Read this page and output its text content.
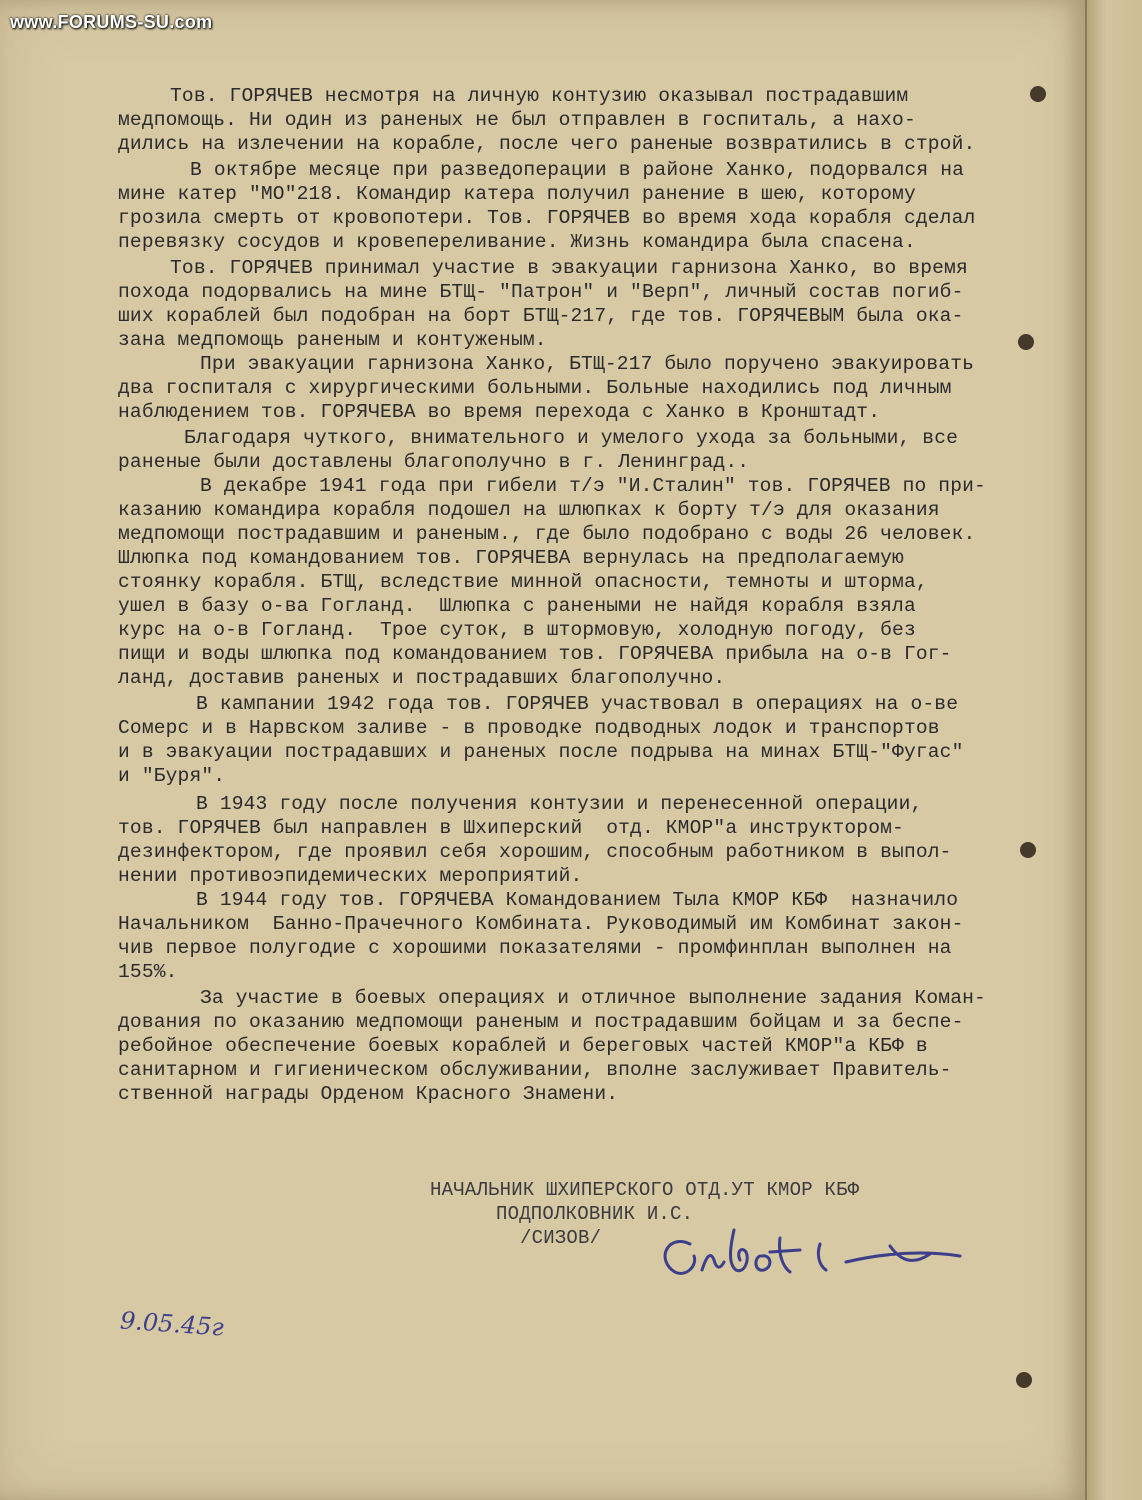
www.FORUMS-SU.com

Тов. ГОРЯЧЕВ несмотря на личную контузию оказывал пострадавшим

медпомощь. Ни один из раненых не был отправлен в госпиталь, а нахо-

дились на излечении на корабле, после чего раненые возвратились в строй.

В октябре месяце при разведоперации в районе Ханко, подорвался на

мине катер "МО"218. Командир катера получил ранение в шею, которому

грозила смерть от кровопотери. Тов. ГОРЯЧЕВ во время хода корабля сделал

перевязку сосудов и кровепереливание. Жизнь командира была спасена.

Тов. ГОРЯЧЕВ принимал участие в эвакуации гарнизона Ханко, во время

похода подорвались на мине БТЩ- "Патрон" и "Верп", личный состав погиб-

ших кораблей был подобран на борт БТЩ-217, где тов. ГОРЯЧЕВЫМ была ока-

зана медпомощь раненым и контуженым.

При эвакуации гарнизона Ханко, БТЩ-217 было поручено эвакуировать

два госпиталя с хирургическими больными. Больные находились под личным

наблюдением тов. ГОРЯЧЕВА во время перехода с Ханко в Кронштадт.

Благодаря чуткого, внимательного и умелого ухода за больными, все

раненые были доставлены благополучно в г. Ленинград..

В декабре 1941 года при гибели т/э "И.Сталин" тов. ГОРЯЧЕВ по при-

казанию командира корабля подошел на шлюпках к борту т/э для оказания

медпомощи пострадавшим и раненым., где было подобрано с воды 26 человек.

Шлюпка под командованием тов. ГОРЯЧЕВА вернулась на предполагаемую

стоянку корабля. БТЩ, вследствие минной опасности, темноты и шторма,

ушел в базу о-ва Гогланд.  Шлюпка с ранеными не найдя корабля взяла

курс на о-в Гогланд.  Трое суток, в штормовую, холодную погоду, без

пищи и воды шлюпка под командованием тов. ГОРЯЧЕВА прибыла на о-в Гог-

ланд, доставив раненых и пострадавших благополучно.

В кампании 1942 года тов. ГОРЯЧЕВ участвовал в операциях на о-ве

Сомерс и в Нарвском заливе - в проводке подводных лодок и транспортов

и в эвакуации пострадавших и раненых после подрыва на минах БТЩ-"Фугас"

и "Буря".

В 1943 году после получения контузии и перенесенной операции,

тов. ГОРЯЧЕВ был направлен в Шхиперский  отд. КМОР"а инструктором-

дезинфектором, где проявил себя хорошим, способным работником в выпол-

нении противоэпидемических мероприятий.

В 1944 году тов. ГОРЯЧЕВА Командованием Тыла КМОР КБФ  назначило

Начальником  Банно-Прачечного Комбината. Руководимый им Комбинат закон-

чив первое полугодие с хорошими показателями - промфинплан выполнен на

155%.

За участие в боевых операциях и отличное выполнение задания Коман-

дования по оказанию медпомощи раненым и пострадавшим бойцам и за беспе-

ребойное обеспечение боевых кораблей и береговых частей КМОР"а КБФ в

санитарном и гигиеническом обслуживании, вполне заслуживает Правитель-

ственной награды Орденом Красного Знамени.

НАЧАЛЬНИК ШХИПЕРСКОГО ОТД.УТ КМОР КБФ

ПОДПОЛКОВНИК И.С.

/СИЗОВ/

9.05.45г
